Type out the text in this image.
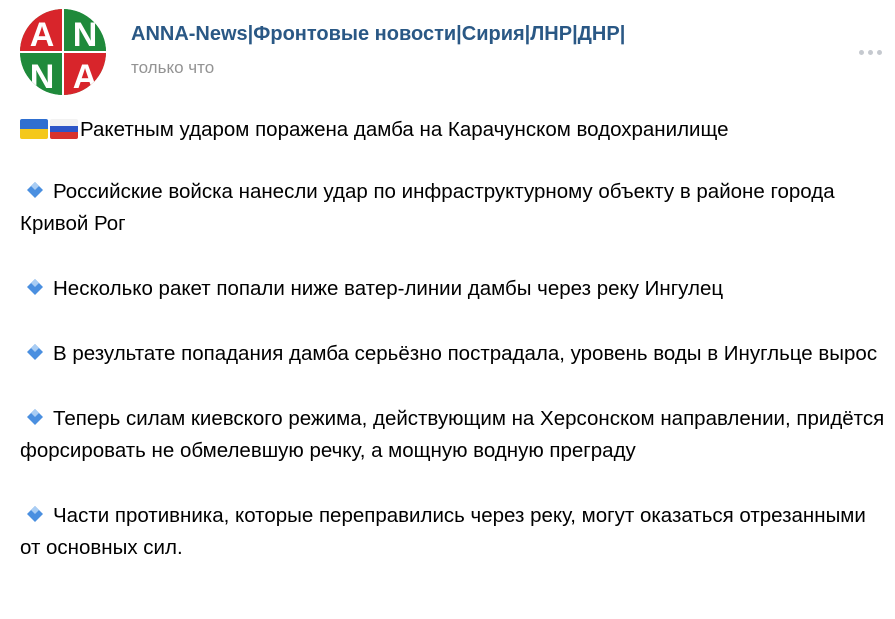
A N
N A
ANNA-News|Фронтовые новости|Сирия|ЛНР|ДНР|
только что

Ракетным ударом поражена дамба на Карачунском водохранилище

Российские войска нанесли удар по инфраструктурному объекту в районе города Кривой Рог

Несколько ракет попали ниже ватер-линии дамбы через реку Ингулец

В результате попадания дамба серьёзно пострадала, уровень воды в Инугльце вырос

Теперь силам киевского режима, действующим на Херсонском направлении, придётся форсировать не обмелевшую речку, а мощную водную преграду

Части противника, которые переправились через реку, могут оказаться отрезанными от основных сил.
